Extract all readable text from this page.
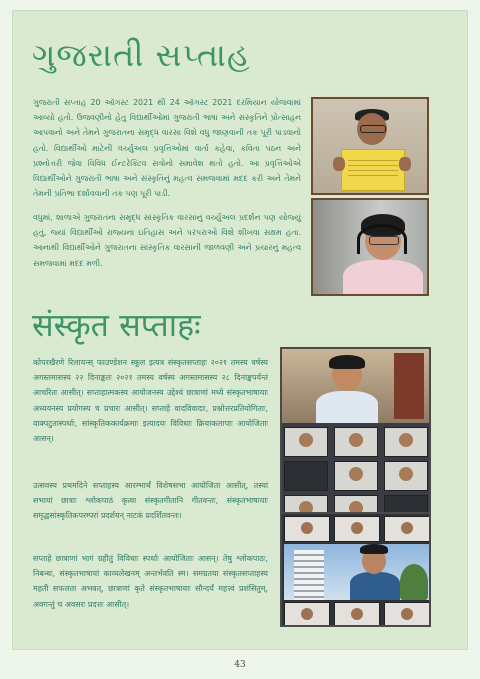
ગુજરાતી સપ્તાહ

ગુજરાતી સપ્તાહ 20 ઑગસ્ટ 2021 થી 24 ઑગસ્ટ 2021 દરમિયાન યોજવામાં આવ્યો હતો. ઉજવણીનો હેતુ વિદ્યાર્થીઓમાં ગુજરાતી ભાષા અને સંસ્કૃતિને પ્રોત્સાહન આપવાનો અને તેમને ગુજરાતના સમૃદ્ધ વારસા વિશે વધુ જાણવાની તક પૂરી પાડવાનો હતો. વિદ્યાર્થીઓ માટેની વર્ચ્યુઅલ પ્રવૃત્તિઓમાં વાર્તા કહેવા, કવિતા પઠન અને પ્રશ્નોત્તરી જેવા વિવિધ ઈન્ટરેક્ટિવ સત્રોનો સમાવેશ થતો હતો. આ પ્રવૃત્તિઓએ વિદ્યાર્થીઓને ગુજરાતી ભાષા અને સંસ્કૃતિનું મહત્વ સમજવામાં મદદ કરી અને તેમને તેમની પ્રતિભા દર્શાવવાની તક પણ પૂરી પાડી.

વધુમાં, શાળાએ ગુજરાતના સમૃદ્ધ સાંસ્કૃતિક વારસાનું વર્ચ્યુઅલ પ્રદર્શન પણ યોજ્યું હતું, જ્યાં વિદ્યાર્થીઓ રાજ્યના ઇતિહાસ અને પરંપરાઓ વિશે શીખવા સક્ષમ હતા. આનાથી વિદ્યાર્થીઓને ગુજરાતના સાંસ્કૃતિક વારસાની જાળવણી અને પ્રચારનું મહત્વ સમજવામાં મદદ મળી.

संस्कृत सप्ताहः

कोपरखैरणे रिलायन्स् फाउण्डेशन स्कूल इत्यत्र संस्कृतसप्ताहः २०२१ तमस्य वर्षस्य अगस्तमासस्य २२ दिनाङ्कतः २०२१ तमस्य वर्षस्य अगस्तमासस्य २८ दिनाङ्कपर्यन्तं आचरितः आसीत्। सप्ताहात्मकस्य आयोजनस्य उद्देश्यं छात्राणां मध्ये संस्कृतभाषायाः अध्ययनस्य प्रयोगस्य च प्रचारः आसीत्। सप्ताहे वादविवादाः, प्रश्नोत्तरप्रतियोगिताः, वाक्पटुतास्पर्धाः, सांस्कृतिककार्यक्रमाः इत्यादयः विविधाः क्रियाकलापाः आयोजिताः आसन्।

उत्सवस्य प्रथमदिने सप्ताहस्य आरम्भार्थं विशेषसभा आयोजिता आसीत्, तस्यां सभायां छात्राः श्लोकपाठं कृत्वा संस्कृतगीतानि गीतवन्तः, संस्कृतभाषायाः समृद्धसांस्कृतिकपरम्परां प्रदर्शयन् नाटकं प्रदर्शितवन्तः।

सप्ताहे छात्राणां भागं ग्रहीतुं विविधाः स्पर्धाः आयोजिताः आसन्। तेषु श्लोकपाठः, निबन्धः, संस्कृतभाषायां काव्यलेखनम् अन्तर्भवति स्म। समग्रतया संस्कृतसप्ताहस्य महती सफलता अभवत्, छात्राणां कृते संस्कृतभाषायाः सौन्दर्यं महत्त्वं प्रशंसितुम्, अवगन्तुं च अवसरः प्रदत्तः आसीत्।

43
